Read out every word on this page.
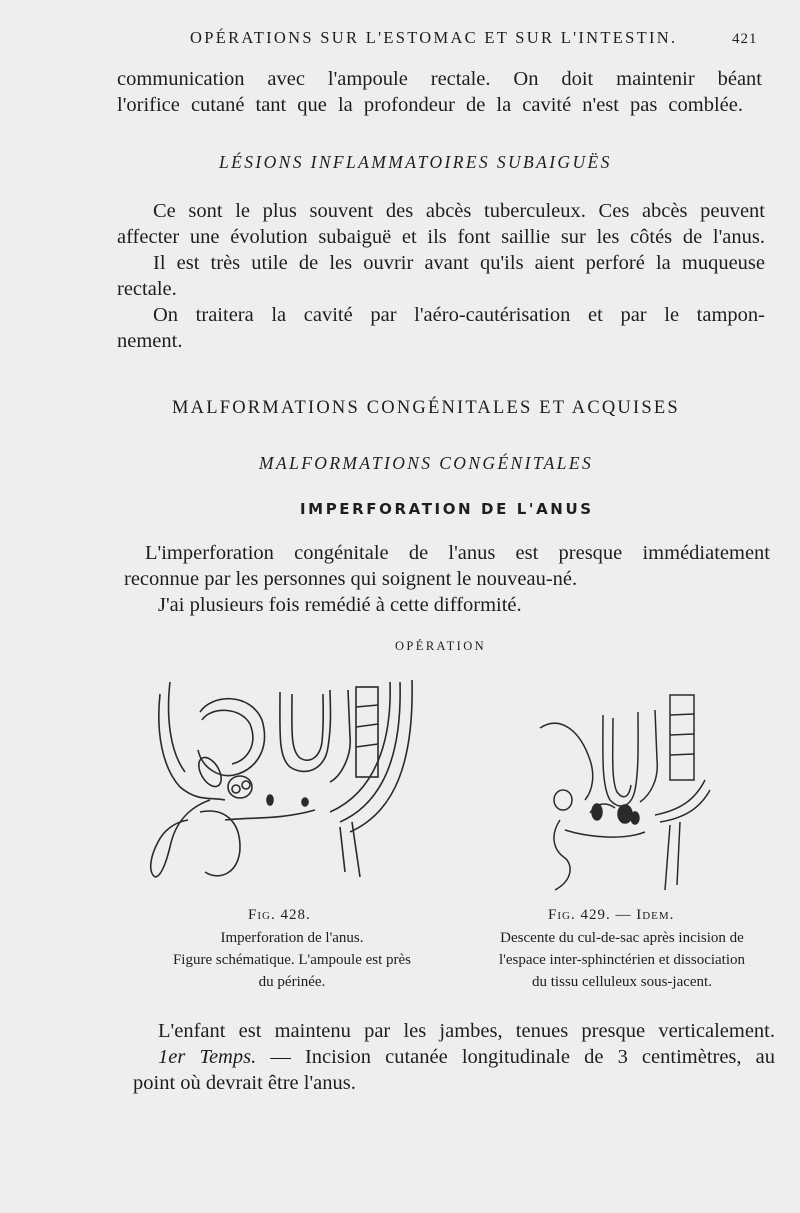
OPÉRATIONS SUR L'ESTOMAC ET SUR L'INTESTIN.	421
communication avec l'ampoule rectale. On doit maintenir béant
l'orifice cutané tant que la profondeur de la cavité n'est pas comblée.
LÉSIONS INFLAMMATOIRES SUBAIGUËS
Ce sont le plus souvent des abcès tuberculeux. Ces abcès peuvent
affecter une évolution subaiguë et ils font saillie sur les côtés de l'anus.
Il est très utile de les ouvrir avant qu'ils aient perforé la muqueuse
rectale.
On traitera la cavité par l'aéro-cautérisation et par le tampon-
nement.
MALFORMATIONS CONGÉNITALES ET ACQUISES
MALFORMATIONS CONGÉNITALES
IMPERFORATION DE L'ANUS
L'imperforation congénitale de l'anus est presque immédiatement
reconnue par les personnes qui soignent le nouveau-né.
J'ai plusieurs fois remédié à cette difformité.
OPÉRATION
Fig. 428.
Imperforation de l'anus.
Figure schématique. L'ampoule est près
du périnée.
Fig. 429. — Idem.
Descente du cul-de-sac après incision de
l'espace inter-sphinctérien et dissociation
du tissu celluleux sous-jacent.
L'enfant est maintenu par les jambes, tenues presque verticalement.
1er Temps. — Incision cutanée longitudinale de 3 centimètres, au
point où devrait être l'anus.
